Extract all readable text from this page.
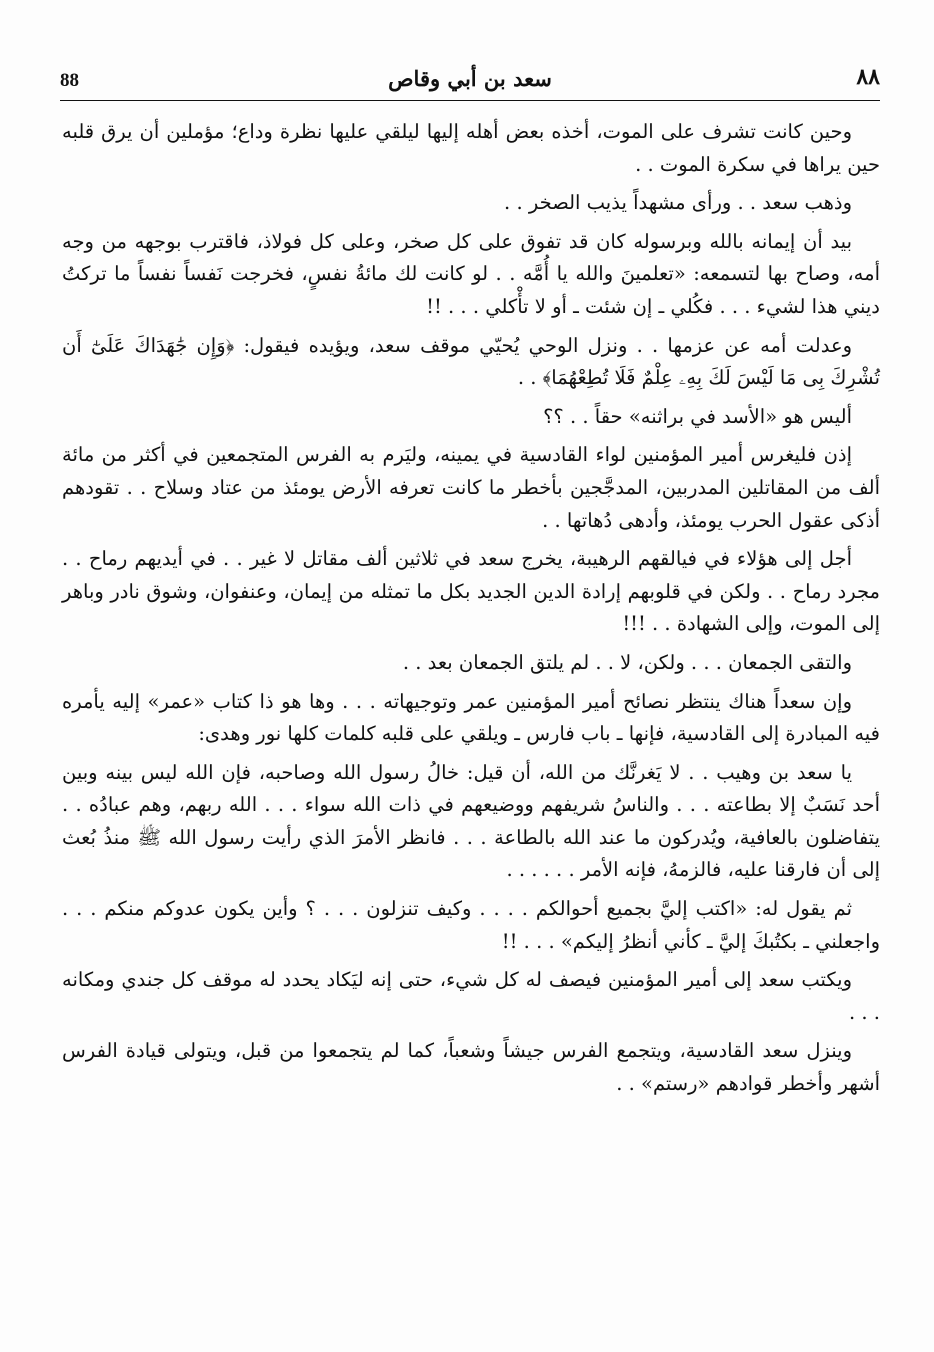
88	سعد بن أبي وقاص	٨٨

وحين كانت تشرف على الموت، أخذه بعض أهله إليها ليلقي عليها نظرة وداع؛ مؤملين أن يرق قلبه حين يراها في سكرة الموت . .

وذهب سعد . . ورأى مشهداً يذيب الصخر . .

بيد أن إيمانه بالله وبرسوله كان قد تفوق على كل صخر، وعلى كل فولاذ، فاقترب بوجهه من وجه أمه، وصاح بها لتسمعه: «تعلمينَ والله يا أُمَّه . . لو كانت لك مائةُ نفسٍ، فخرجت نَفساً نفساً ما تركتُ ديني هذا لشيء . . . فكُلي ـ إن شئت ـ أو لا تأْكلي . . . !!

وعدلت أمه عن عزمها . . ونزل الوحي يُحيّي موقف سعد، ويؤيده فيقول: ﴿وَإِن جَٰهَدَاكَ عَلَىٰٓ أَن تُشْرِكَ بِى مَا لَيْسَ لَكَ بِهِۦ عِلْمٌ فَلَا تُطِعْهُمَا﴾ . .

أليس هو «الأسد في براثنه» حقاً . . ؟؟

إذن فليغرس أمير المؤمنين لواء القادسية في يمينه، وليَرم به الفرس المتجمعين في أكثر من مائة ألف من المقاتلين المدربين، المدجَّجين بأخطر ما كانت تعرفه الأرض يومئذ من عتاد وسلاح . . تقودهم أذكى عقول الحرب يومئذ، وأدهى دُهاتها . .

أجل إلى هؤلاء في فيالقهم الرهيبة، يخرج سعد في ثلاثين ألف مقاتل لا غير . . في أيديهم رماح . . مجرد رماح . . ولكن في قلوبهم إرادة الدين الجديد بكل ما تمثله من إيمان، وعنفوان، وشوق نادر وباهر إلى الموت، وإلى الشهادة . . !!!

والتقى الجمعان . . . ولكن، لا . . لم يلتق الجمعان بعد . .

وإن سعداً هناك ينتظر نصائح أمير المؤمنين عمر وتوجيهاته . . . وها هو ذا كتاب «عمر» إليه يأمره فيه المبادرة إلى القادسية، فإنها ـ باب فارس ـ ويلقي على قلبه كلمات كلها نور وهدى:

يا سعد بن وهيب . . لا يَغرنَّك من الله، أن قيل: خالُ رسول الله وصاحبه، فإن الله ليس بينه وبين أحد نَسَبٌ إلا بطاعته . . . والناسُ شريفهم ووضيعهم في ذات الله سواء . . . الله ربهم، وهم عبادُه . . يتفاضلون بالعافية، ويُدركون ما عند الله بالطاعة . . . فانظر الأمرَ الذي رأيت رسول الله ﷺ منذُ بُعث إلى أن فارقنا عليه، فالزمهُ، فإنه الأمر . . . . . .

ثم يقول له: «اكتب إليَّ بجميع أحوالكم . . . . وكيف تنزلون . . . ؟ وأين يكون عدوكم منكم . . . واجعلني ـ بكتُبكَ إليَّ ـ كأني أنظرُ إليكم» . . . !!

ويكتب سعد إلى أمير المؤمنين فيصف له كل شيء، حتى إنه ليَكاد يحدد له موقف كل جندي ومكانه . . .

وينزل سعد القادسية، ويتجمع الفرس جيشاً وشعباً، كما لم يتجمعوا من قبل، ويتولى قيادة الفرس أشهر وأخطر قوادهم «رستم» . .
